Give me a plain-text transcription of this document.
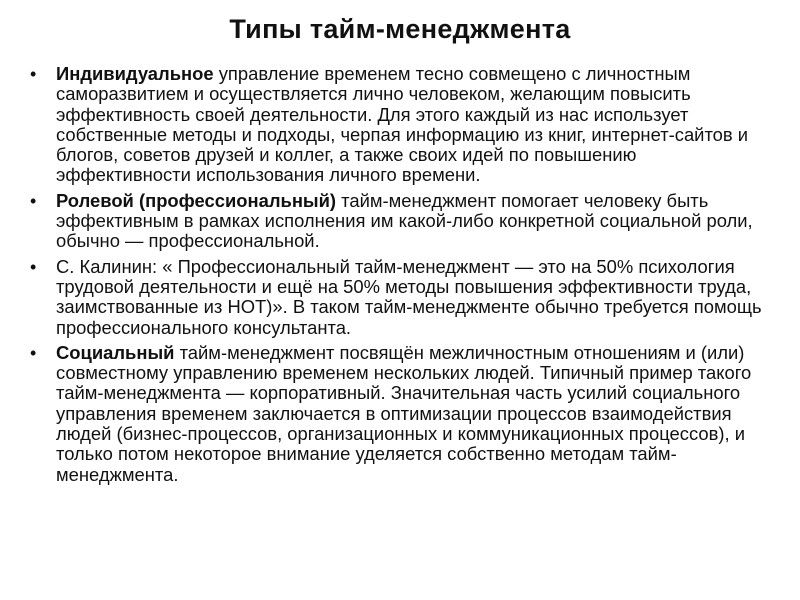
Типы тайм-менеджмента
• Индивидуальное управление временем тесно совмещено с личностным саморазвитием и осуществляется лично человеком, желающим повысить эффективность своей деятельности. Для этого каждый из нас использует собственные методы и подходы, черпая информацию из книг, интернет-сайтов и блогов, советов друзей и коллег, а также своих идей по повышению эффективности использования личного времени.
• Ролевой (профессиональный) тайм-менеджмент помогает человеку быть эффективным в рамках исполнения им какой-либо конкретной социальной роли, обычно — профессиональной.
• С. Калинин: « Профессиональный тайм-менеджмент — это на 50% психология трудовой деятельности и ещё на 50% методы повышения эффективности труда, заимствованные из НОТ)». В таком тайм-менеджменте обычно требуется помощь профессионального консультанта.
• Социальный тайм-менеджмент посвящён межличностным отношениям и (или) совместному управлению временем нескольких людей. Типичный пример такого тайм-менеджмента — корпоративный. Значительная часть усилий социального управления временем заключается в оптимизации процессов взаимодействия людей (бизнес-процессов, организационных и коммуникационных процессов), и только потом некоторое внимание уделяется собственно методам тайм-менеджмента.
